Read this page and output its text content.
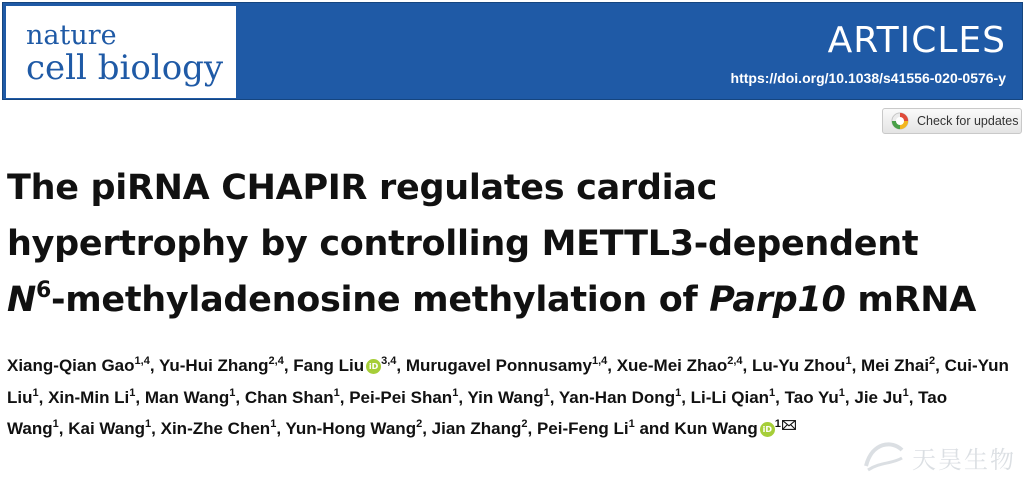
nature
cell biology
ARTICLES
https://doi.org/10.1038/s41556-020-0576-y
Check for updates
The piRNA CHAPIR regulates cardiac
hypertrophy by controlling METTL3-dependent
$N^6$-methyladenosine methylation of Parp10 mRNA

Xiang-Qian Gao$^{1,4}$, Yu-Hui Zhang$^{2,4}$, Fang Liu iD $^{3,4}$, Murugavel Ponnusamy$^{1,4}$, Xue-Mei Zhao$^{2,4}$, Lu-Yu Zhou$^1$, Mei Zhai$^2$, Cui-Yun Liu$^1$, Xin-Min Li$^1$, Man Wang$^1$, Chan Shan$^1$, Pei-Pei Shan$^1$, Yin Wang$^1$, Yan-Han Dong$^1$, Li-Li Qian$^1$, Tao Yu$^1$, Jie Ju$^1$, Tao Wang$^1$, Kai Wang$^1$, Xin-Zhe Chen$^1$, Yun-Hong Wang$^2$, Jian Zhang$^2$, Pei-Feng Li$^1$ and Kun Wang iD $^1$

天昊生物
